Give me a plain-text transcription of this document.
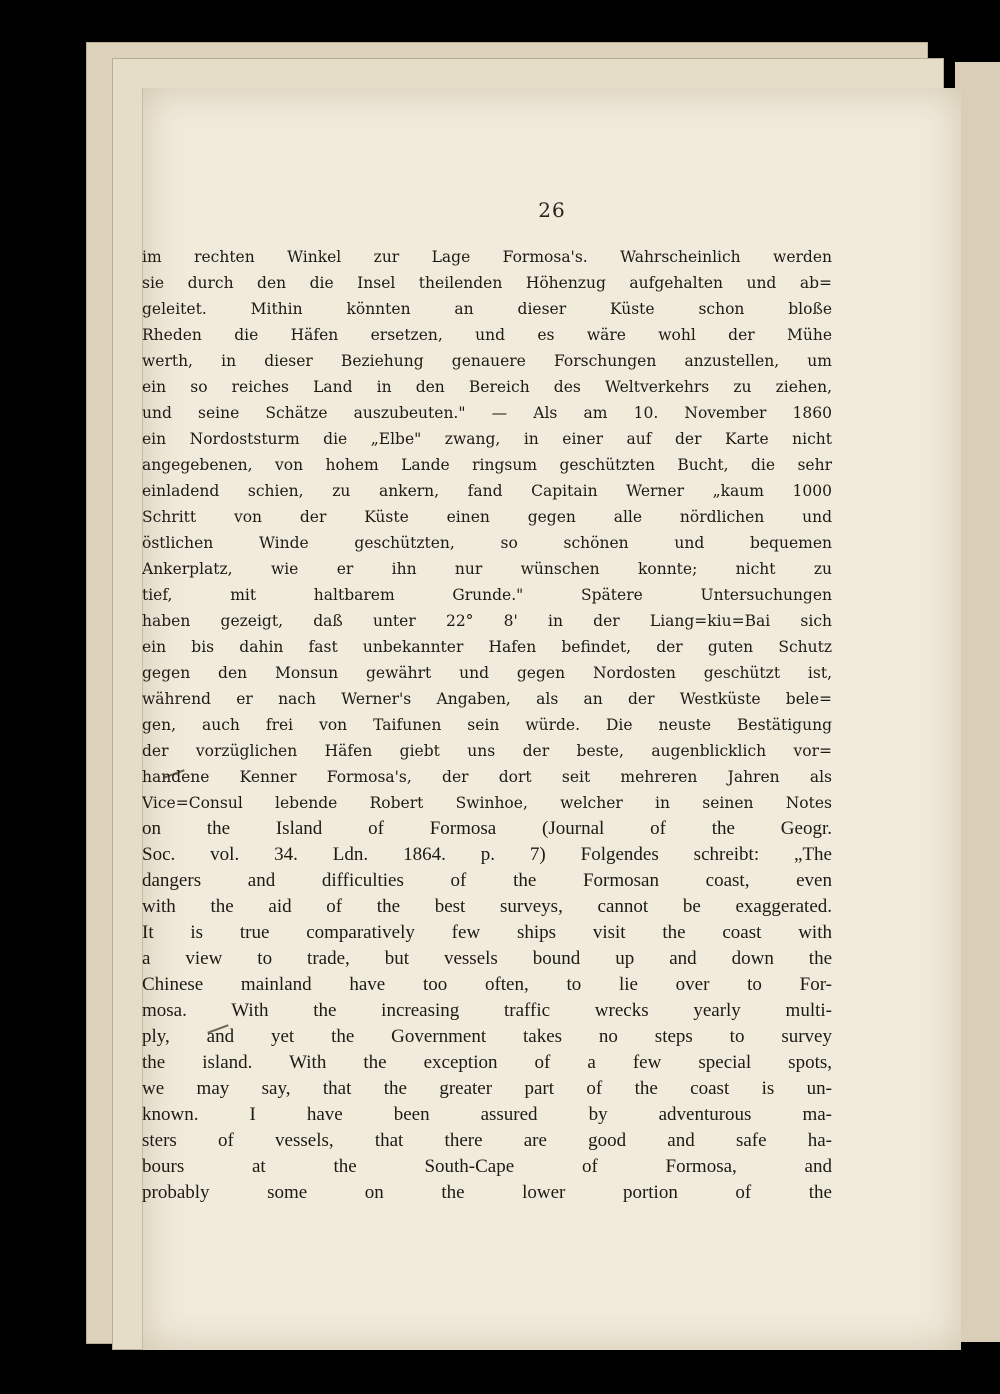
26
im rechten Winkel zur Lage Formosa's. Wahrscheinlich werden
sie durch den die Insel theilenden Höhenzug aufgehalten und ab=
geleitet. Mithin könnten an dieser Küste schon bloße
Rheden die Häfen ersetzen, und es wäre wohl der Mühe
werth, in dieser Beziehung genauere Forschungen anzustellen, um
ein so reiches Land in den Bereich des Weltverkehrs zu ziehen,
und seine Schätze auszubeuten." — Als am 10. November 1860
ein Nordoststurm die „Elbe" zwang, in einer auf der Karte nicht
angegebenen, von hohem Lande ringsum geschützten Bucht, die sehr
einladend schien, zu ankern, fand Capitain Werner „kaum 1000
Schritt von der Küste einen gegen alle nördlichen und
östlichen Winde geschützten, so schönen und bequemen
Ankerplatz, wie er ihn nur wünschen konnte; nicht zu
tief, mit haltbarem Grunde." Spätere Untersuchungen
haben gezeigt, daß unter 22° 8' in der Liang=kiu=Bai sich
ein bis dahin fast unbekannter Hafen befindet, der guten Schutz
gegen den Monsun gewährt und gegen Nordosten geschützt ist,
während er nach Werner's Angaben, als an der Westküste bele=
gen, auch frei von Taifunen sein würde. Die neuste Bestätigung
der vorzüglichen Häfen giebt uns der beste, augenblicklich vor=
handene Kenner Formosa's, der dort seit mehreren Jahren als
Vice=Consul lebende Robert Swinhoe, welcher in seinen Notes
on the Island of Formosa (Journal of the Geogr.
Soc. vol. 34. Ldn. 1864. p. 7) Folgendes schreibt: „The
dangers and difficulties of the Formosan coast, even
with the aid of the best surveys, cannot be exaggerated.
It is true comparatively few ships visit the coast with
a view to trade, but vessels bound up and down the
Chinese mainland have too often, to lie over to For-
mosa. With the increasing traffic wrecks yearly multi-
ply, and yet the Government takes no steps to survey
the island. With the exception of a few special spots,
we may say, that the greater part of the coast is un-
known. I have been assured by adventurous ma-
sters of vessels, that there are good and safe ha-
bours at the South-Cape of Formosa, and
probably some on the lower portion of the
